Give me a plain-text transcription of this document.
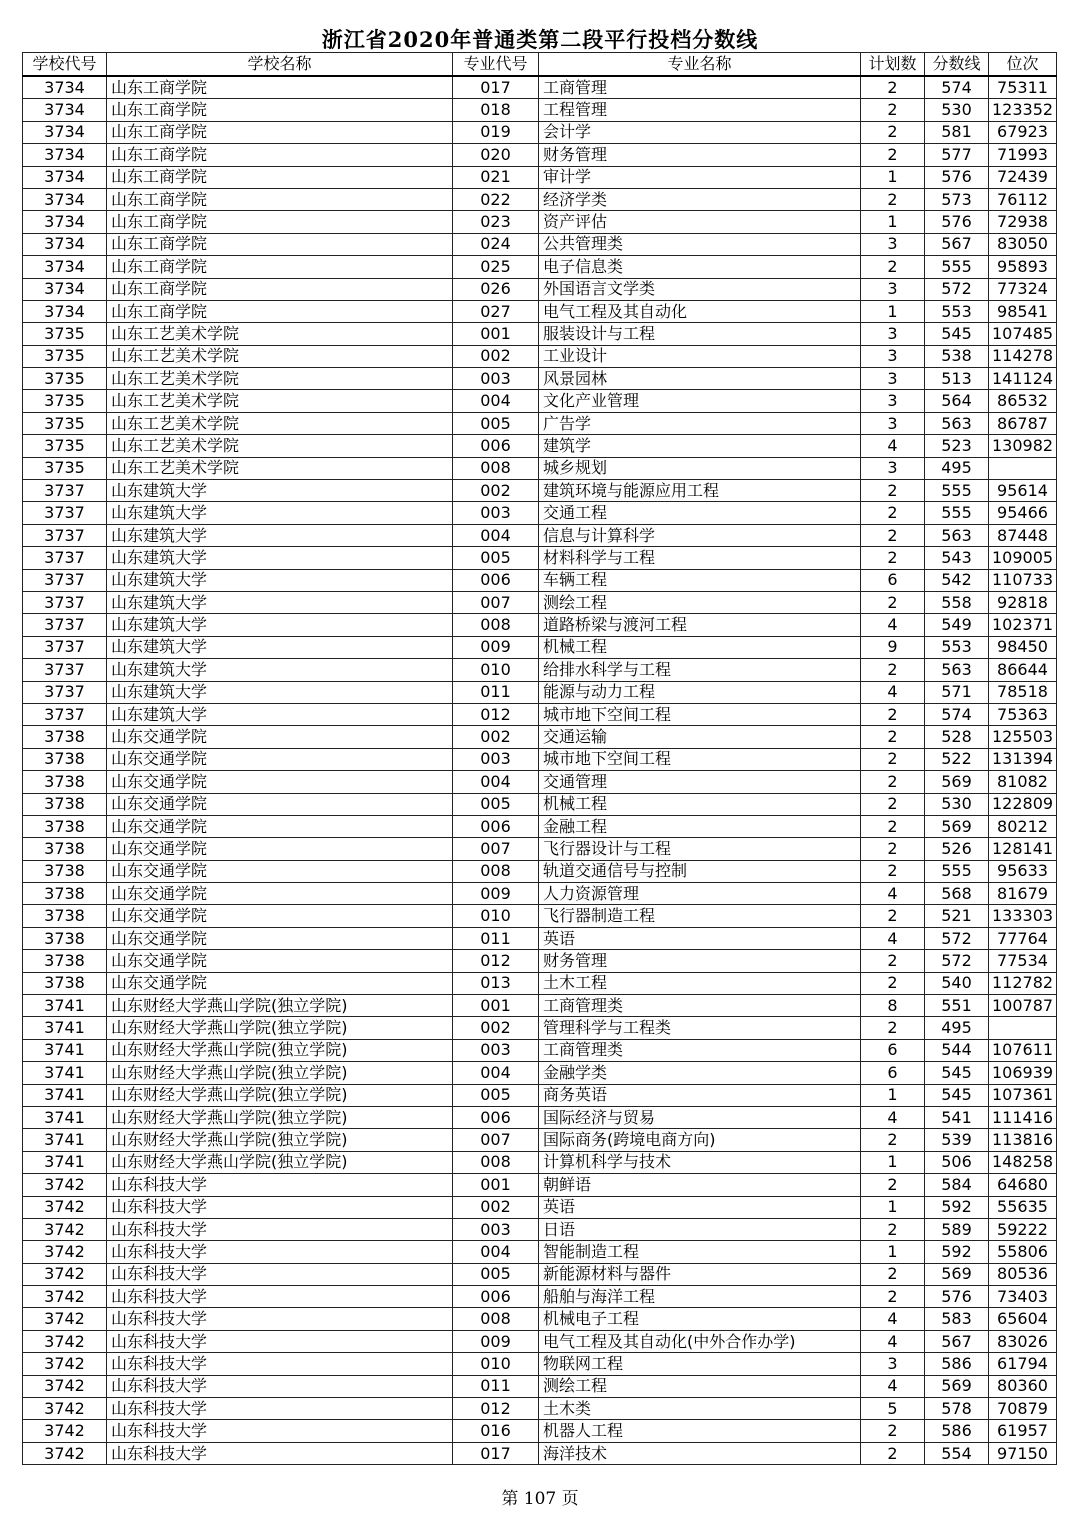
浙江省2020年普通类第二段平行投档分数线
学校代号	学校名称	专业代号	专业名称	计划数	分数线	位次
3734	山东工商学院	017	工商管理	2	574	75311
3734	山东工商学院	018	工程管理	2	530	123352
3734	山东工商学院	019	会计学	2	581	67923
3734	山东工商学院	020	财务管理	2	577	71993
3734	山东工商学院	021	审计学	1	576	72439
3734	山东工商学院	022	经济学类	2	573	76112
3734	山东工商学院	023	资产评估	1	576	72938
3734	山东工商学院	024	公共管理类	3	567	83050
3734	山东工商学院	025	电子信息类	2	555	95893
3734	山东工商学院	026	外国语言文学类	3	572	77324
3734	山东工商学院	027	电气工程及其自动化	1	553	98541
3735	山东工艺美术学院	001	服装设计与工程	3	545	107485
3735	山东工艺美术学院	002	工业设计	3	538	114278
3735	山东工艺美术学院	003	风景园林	3	513	141124
3735	山东工艺美术学院	004	文化产业管理	3	564	86532
3735	山东工艺美术学院	005	广告学	3	563	86787
3735	山东工艺美术学院	006	建筑学	4	523	130982
3735	山东工艺美术学院	008	城乡规划	3	495	
3737	山东建筑大学	002	建筑环境与能源应用工程	2	555	95614
3737	山东建筑大学	003	交通工程	2	555	95466
3737	山东建筑大学	004	信息与计算科学	2	563	87448
3737	山东建筑大学	005	材料科学与工程	2	543	109005
3737	山东建筑大学	006	车辆工程	6	542	110733
3737	山东建筑大学	007	测绘工程	2	558	92818
3737	山东建筑大学	008	道路桥梁与渡河工程	4	549	102371
3737	山东建筑大学	009	机械工程	9	553	98450
3737	山东建筑大学	010	给排水科学与工程	2	563	86644
3737	山东建筑大学	011	能源与动力工程	4	571	78518
3737	山东建筑大学	012	城市地下空间工程	2	574	75363
3738	山东交通学院	002	交通运输	2	528	125503
3738	山东交通学院	003	城市地下空间工程	2	522	131394
3738	山东交通学院	004	交通管理	2	569	81082
3738	山东交通学院	005	机械工程	2	530	122809
3738	山东交通学院	006	金融工程	2	569	80212
3738	山东交通学院	007	飞行器设计与工程	2	526	128141
3738	山东交通学院	008	轨道交通信号与控制	2	555	95633
3738	山东交通学院	009	人力资源管理	4	568	81679
3738	山东交通学院	010	飞行器制造工程	2	521	133303
3738	山东交通学院	011	英语	4	572	77764
3738	山东交通学院	012	财务管理	2	572	77534
3738	山东交通学院	013	土木工程	2	540	112782
3741	山东财经大学燕山学院(独立学院)	001	工商管理类	8	551	100787
3741	山东财经大学燕山学院(独立学院)	002	管理科学与工程类	2	495	
3741	山东财经大学燕山学院(独立学院)	003	工商管理类	6	544	107611
3741	山东财经大学燕山学院(独立学院)	004	金融学类	6	545	106939
3741	山东财经大学燕山学院(独立学院)	005	商务英语	1	545	107361
3741	山东财经大学燕山学院(独立学院)	006	国际经济与贸易	4	541	111416
3741	山东财经大学燕山学院(独立学院)	007	国际商务(跨境电商方向)	2	539	113816
3741	山东财经大学燕山学院(独立学院)	008	计算机科学与技术	1	506	148258
3742	山东科技大学	001	朝鲜语	2	584	64680
3742	山东科技大学	002	英语	1	592	55635
3742	山东科技大学	003	日语	2	589	59222
3742	山东科技大学	004	智能制造工程	1	592	55806
3742	山东科技大学	005	新能源材料与器件	2	569	80536
3742	山东科技大学	006	船舶与海洋工程	2	576	73403
3742	山东科技大学	008	机械电子工程	4	583	65604
3742	山东科技大学	009	电气工程及其自动化(中外合作办学)	4	567	83026
3742	山东科技大学	010	物联网工程	3	586	61794
3742	山东科技大学	011	测绘工程	4	569	80360
3742	山东科技大学	012	土木类	5	578	70879
3742	山东科技大学	016	机器人工程	2	586	61957
3742	山东科技大学	017	海洋技术	2	554	97150
第 107 页
